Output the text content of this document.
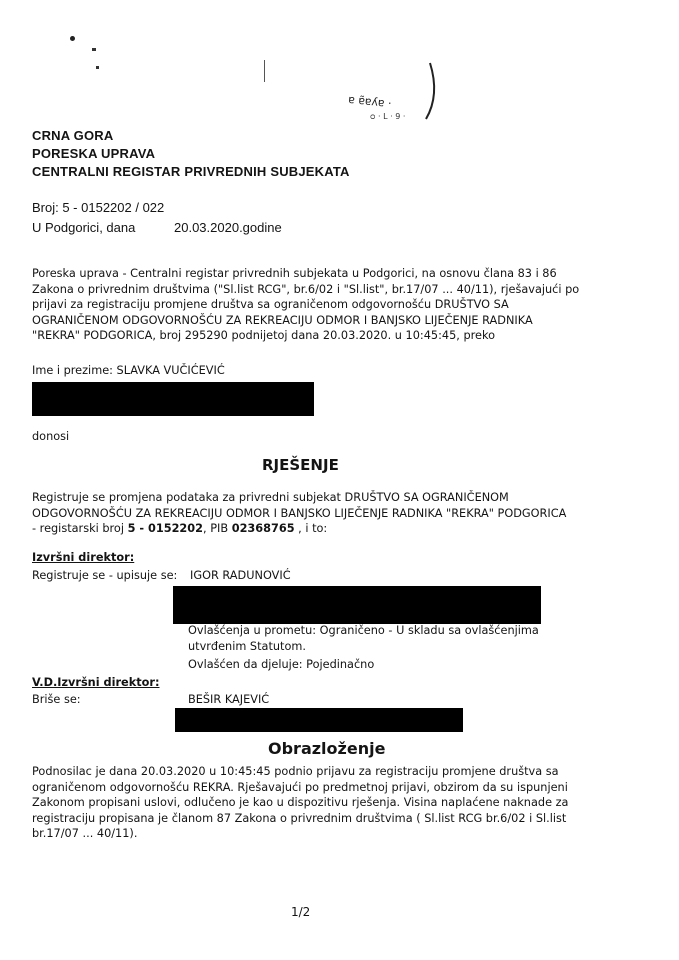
ɐ ɐ̃ɐʎɐ ·
ᴑ · L · 9 ·
CRNA GORA
PORESKA UPRAVA
CENTRALNI REGISTAR PRIVREDNIH SUBJEKATA
Broj: 5 - 0152202 / 022
U Podgorici, dana	20.03.2020.godine
Poreska uprava - Centralni registar privrednih subjekata u Podgorici, na osnovu člana 83 i 86
Zakona o privrednim društvima ("Sl.list RCG", br.6/02 i "Sl.list", br.17/07 ... 40/11), rješavajući po
prijavi za registraciju promjene društva sa ograničenom odgovornošću DRUŠTVO SA
OGRANIČENOM ODGOVORNOŠĆU ZA REKREACIJU ODMOR I BANJSKO LIJEČENJE RADNIKA
"REKRA" PODGORICA, broj 295290 podnijetoj dana 20.03.2020. u 10:45:45, preko
Ime i prezime: SLAVKA VUČIĆEVIĆ
donosi
RJEŠENJE
Registruje se promjena podataka za privredni subjekat DRUŠTVO SA OGRANIČENOM
ODGOVORNOŠĆU ZA REKREACIJU ODMOR I BANJSKO LIJEČENJE RADNIKA "REKRA" PODGORICA
- registarski broj 5 - 0152202, PIB 02368765 , i to:
Izvršni direktor:
Registruje se - upisuje se: IGOR RADUNOVIĆ
Ovlašćenja u prometu: Ograničeno - U skladu sa ovlašćenjima
utvrđenim Statutom.
Ovlašćen da djeluje: Pojedinačno
V.D.Izvršni direktor:
Briše se:	BEŠIR KAJEVIĆ
Obrazloženje
Podnosilac je dana 20.03.2020 u 10:45:45 podnio prijavu za registraciju promjene društva sa
ograničenom odgovornošću REKRA. Rješavajući po predmetnoj prijavi, obzirom da su ispunjeni
Zakonom propisani uslovi, odlučeno je kao u dispozitivu rješenja. Visina naplaćene naknade za
registraciju propisana je članom 87 Zakona o privrednim društvima ( Sl.list RCG br.6/02 i Sl.list
br.17/07 ... 40/11).
1/2
